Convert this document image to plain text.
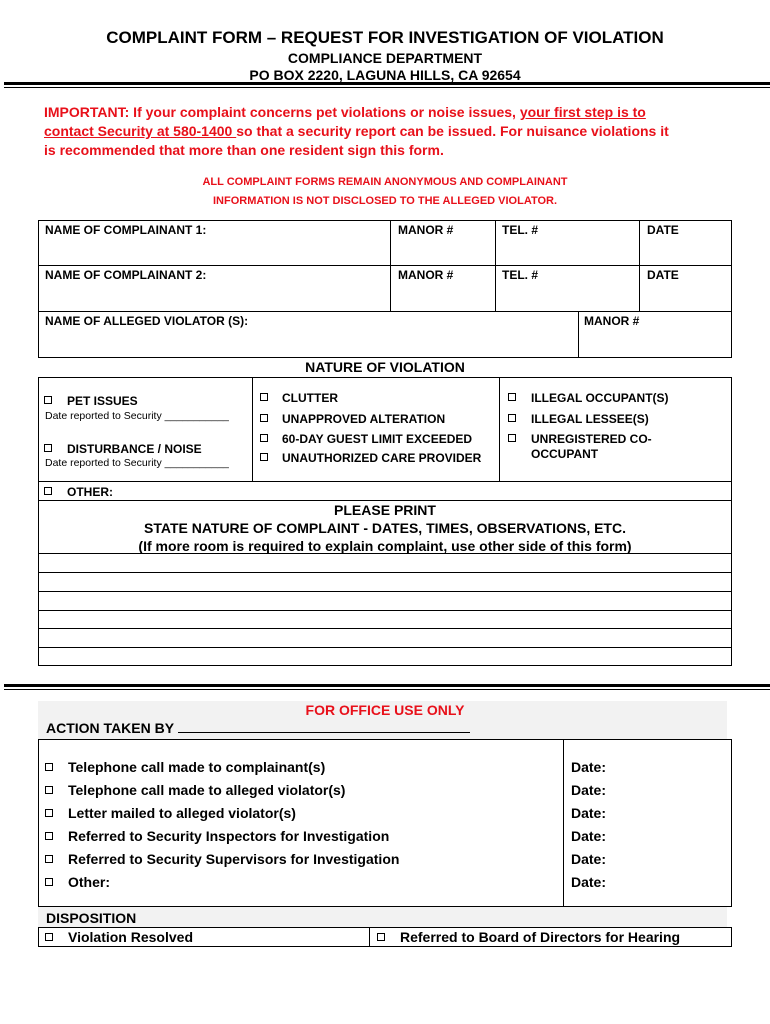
COMPLAINT FORM – REQUEST FOR INVESTIGATION OF VIOLATION
COMPLIANCE DEPARTMENT
PO BOX 2220, LAGUNA HILLS, CA 92654
IMPORTANT: If your complaint concerns pet violations or noise issues, your first step is to
contact Security at 580-1400 so that a security report can be issued. For nuisance violations it
is recommended that more than one resident sign this form.
ALL COMPLAINT FORMS REMAIN ANONYMOUS AND COMPLAINANT
INFORMATION IS NOT DISCLOSED TO THE ALLEGED VIOLATOR.
NAME OF COMPLAINANT 1:	MANOR #	TEL. #	DATE
NAME OF COMPLAINANT 2:	MANOR #	TEL. #	DATE
NAME OF ALLEGED VIOLATOR (S):	MANOR #
NATURE OF VIOLATION
PET ISSUES
Date reported to Security ___________
DISTURBANCE / NOISE
Date reported to Security ___________
CLUTTER
UNAPPROVED ALTERATION
60-DAY GUEST LIMIT EXCEEDED
UNAUTHORIZED CARE PROVIDER
ILLEGAL OCCUPANT(S)
ILLEGAL LESSEE(S)
UNREGISTERED CO-
OCCUPANT
OTHER:
PLEASE PRINT
STATE NATURE OF COMPLAINT - DATES, TIMES, OBSERVATIONS, ETC.
(If more room is required to explain complaint, use other side of this form)
FOR OFFICE USE ONLY
ACTION TAKEN BY
Telephone call made to complainant(s)	Date:
Telephone call made to alleged violator(s)	Date:
Letter mailed to alleged violator(s)	Date:
Referred to Security Inspectors for Investigation	Date:
Referred to Security Supervisors for Investigation	Date:
Other:	Date:
DISPOSITION
Violation Resolved	Referred to Board of Directors for Hearing
